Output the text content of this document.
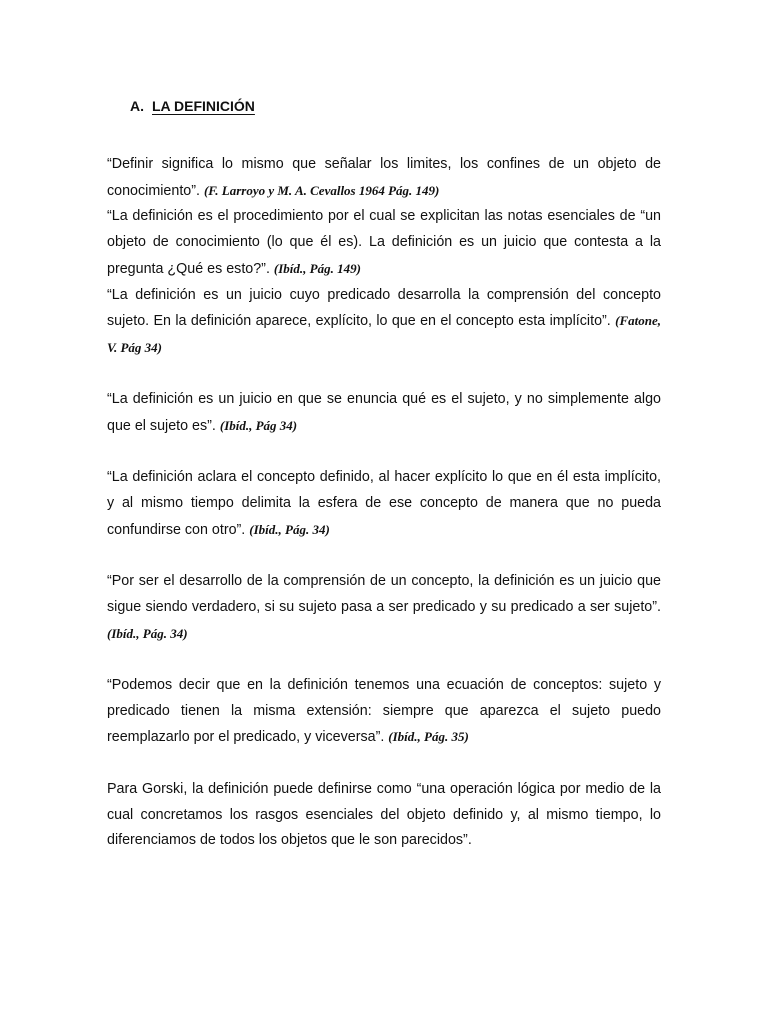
A. LA DEFINICIÓN

“Definir significa lo mismo que señalar los limites, los confines de un objeto de conocimiento”. (F. Larroyo y M. A. Cevallos 1964 Pág. 149)

“La definición es el procedimiento por el cual se explicitan las notas esenciales de “un objeto de conocimiento (lo que él es). La definición es un juicio que contesta a la pregunta ¿Qué es esto?”. (Ibíd., Pág. 149)

“La definición es un juicio cuyo predicado desarrolla la comprensión del concepto sujeto. En la definición aparece, explícito, lo que en el concepto esta implícito”. (Fatone, V. Pág 34)

“La definición es un juicio en que se enuncia qué es el sujeto, y no simplemente algo que el sujeto es”. (Ibíd., Pág 34)

“La definición aclara el concepto definido, al hacer explícito lo que en él esta implícito, y al mismo tiempo delimita la esfera de ese concepto de manera que no pueda confundirse con otro”. (Ibíd., Pág. 34)

“Por ser el desarrollo de la comprensión de un concepto, la definición es un juicio que sigue siendo verdadero, si su sujeto pasa a ser predicado y su predicado a ser sujeto”. (Ibíd., Pág. 34)

“Podemos decir que en la definición tenemos una ecuación de conceptos: sujeto y predicado tienen la misma extensión: siempre que aparezca el sujeto puedo reemplazarlo por el predicado, y viceversa”. (Ibíd., Pág. 35)

Para Gorski, la definición puede definirse como “una operación lógica por medio de la cual concretamos los rasgos esenciales del objeto definido y, al mismo tiempo, lo diferenciamos de todos los objetos que le son parecidos”.
